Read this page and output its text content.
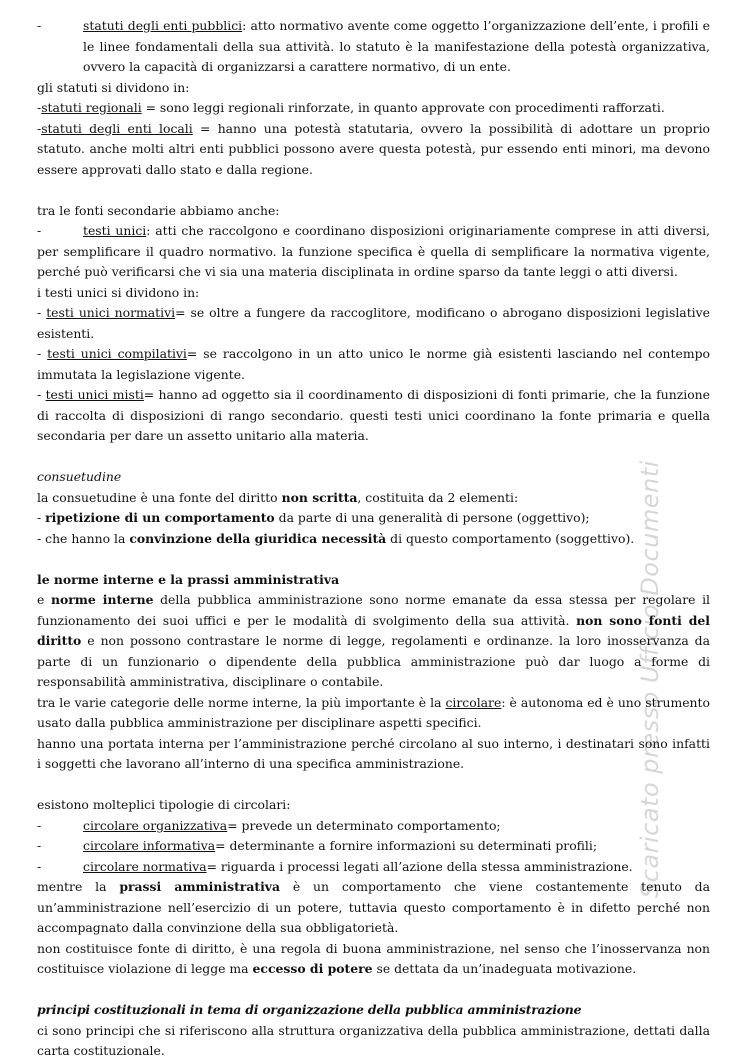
-	statuti degli enti pubblici: atto normativo avente come oggetto l’organizzazione dell’ente, i profili e le linee fondamentali della sua attività. lo statuto è la manifestazione della potestà organizzativa, ovvero la capacità di organizzarsi a carattere normativo, di un ente.

gli statuti si dividono in:

-statuti regionali = sono leggi regionali rinforzate, in quanto approvate con procedimenti rafforzati.

-statuti degli enti locali = hanno una potestà statutaria, ovvero la possibilità di adottare un proprio statuto. anche molti altri enti pubblici possono avere questa potestà, pur essendo enti minori, ma devono essere approvati dallo stato e dalla regione.

tra le fonti secondarie abbiamo anche:

-	testi unici: atti che raccolgono e coordinano disposizioni originariamente comprese in atti diversi, per semplificare il quadro normativo. la funzione specifica è quella di semplificare la normativa vigente, perché può verificarsi che vi sia una materia disciplinata in ordine sparso da tante leggi o atti diversi.

i testi unici si dividono in:

- testi unici normativi= se oltre a fungere da raccoglitore, modificano o abrogano disposizioni legislative esistenti.

- testi unici compilativi= se raccolgono in un atto unico le norme già esistenti lasciando nel contempo immutata la legislazione vigente.

- testi unici misti= hanno ad oggetto sia il coordinamento di disposizioni di fonti primarie, che la funzione di raccolta di disposizioni di rango secondario. questi testi unici coordinano la fonte primaria e quella secondaria per dare un assetto unitario alla materia.

consuetudine

la consuetudine è una fonte del diritto non scritta, costituita da 2 elementi:

- ripetizione di un comportamento da parte di una generalità di persone (oggettivo);

- che hanno la convinzione della giuridica necessità di questo comportamento (soggettivo).

le norme interne e la prassi amministrativa

e norme interne della pubblica amministrazione sono norme emanate da essa stessa per regolare il funzionamento dei suoi uffici e per le modalità di svolgimento della sua attività. non sono fonti del diritto e non possono contrastare le norme di legge, regolamenti e ordinanze. la loro inosservanza da parte di un funzionario o dipendente della pubblica amministrazione può dar luogo a forme di responsabilità amministrativa, disciplinare o contabile.

tra le varie categorie delle norme interne, la più importante è la circolare: è autonoma ed è uno strumento usato dalla pubblica amministrazione per disciplinare aspetti specifici.

hanno una portata interna per l’amministrazione perché circolano al suo interno, i destinatari sono infatti i soggetti che lavorano all’interno di una specifica amministrazione.

esistono molteplici tipologie di circolari:

-	circolare organizzativa= prevede un determinato comportamento;
-	circolare informativa= determinante a fornire informazioni su determinati profili;
-	circolare normativa= riguarda i processi legati all’azione della stessa amministrazione.

mentre la prassi amministrativa è un comportamento che viene costantemente tenuto da un’amministrazione nell’esercizio di un potere, tuttavia questo comportamento è in difetto perché non accompagnato dalla convinzione della sua obbligatorietà.

non costituisce fonte di diritto, è una regola di buona amministrazione, nel senso che l’inosservanza non costituisce violazione di legge ma eccesso di potere se dettata da un’inadeguata motivazione.

principi costituzionali in tema di organizzazione della pubblica amministrazione

ci sono principi che si riferiscono alla struttura organizzativa della pubblica amministrazione, dettati dalla carta costituzionale.

Scaricato presso Ufficio Documenti
